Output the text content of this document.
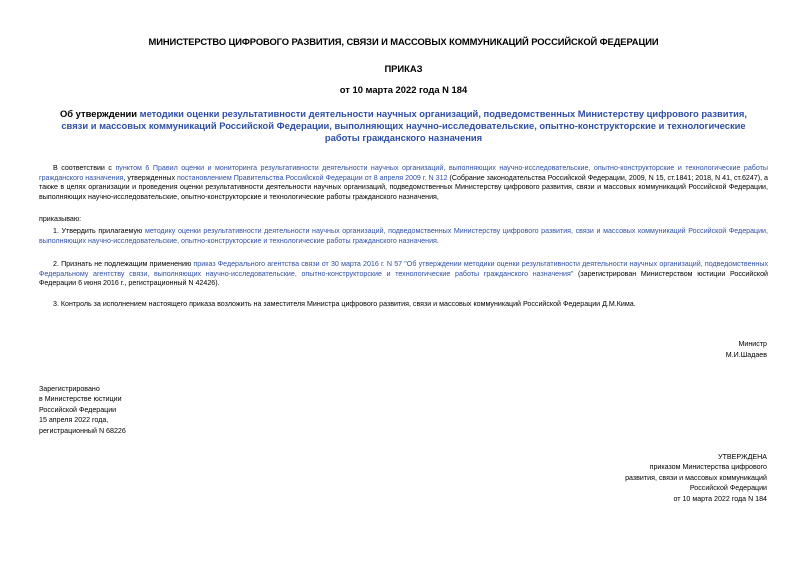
МИНИСТЕРСТВО ЦИФРОВОГО РАЗВИТИЯ, СВЯЗИ И МАССОВЫХ КОММУНИКАЦИЙ РОССИЙСКОЙ ФЕДЕРАЦИИ
ПРИКАЗ
от 10 марта 2022 года N 184
Об утверждении методики оценки результативности деятельности научных организаций, подведомственных Министерству цифрового развития, связи и массовых коммуникаций Российской Федерации, выполняющих научно-исследовательские, опытно-конструкторские и технологические работы гражданского назначения
В соответствии с пунктом 6 Правил оценки и мониторинга результативности деятельности научных организаций, выполняющих научно-исследовательские, опытно-конструкторские и технологические работы гражданского назначения, утвержденных постановлением Правительства Российской Федерации от 8 апреля 2009 г. N 312 (Собрание законодательства Российской Федерации, 2009, N 15, ст.1841; 2018, N 41, ст.6247), а также в целях организации и проведения оценки результативности деятельности научных организаций, подведомственных Министерству цифрового развития, связи и массовых коммуникаций Российской Федерации, выполняющих научно-исследовательские, опытно-конструкторские и технологические работы гражданского назначения,
приказываю:
1. Утвердить прилагаемую методику оценки результативности деятельности научных организаций, подведомственных Министерству цифрового развития, связи и массовых коммуникаций Российской Федерации, выполняющих научно-исследовательские, опытно-конструкторские и технологические работы гражданского назначения.
2. Признать не подлежащим применению приказ Федерального агентства связи от 30 марта 2016 г. N 57 "Об утверждении методики оценки результативности деятельности научных организаций, подведомственных Федеральному агентству связи, выполняющих научно-исследовательские, опытно-конструкторские и технологические работы гражданского назначения" (зарегистрирован Министерством юстиции Российской Федерации 6 июня 2016 г., регистрационный N 42426).
3. Контроль за исполнением настоящего приказа возложить на заместителя Министра цифрового развития, связи и массовых коммуникаций Российской Федерации Д.М.Кима.
Министр
М.И.Шадаев
Зарегистрировано
в Министерстве юстиции
Российской Федерации
15 апреля 2022 года,
регистрационный N 68226
УТВЕРЖДЕНА
приказом Министерства цифрового
развития, связи и массовых коммуникаций
Российской Федерации
от 10 марта 2022 года N 184
